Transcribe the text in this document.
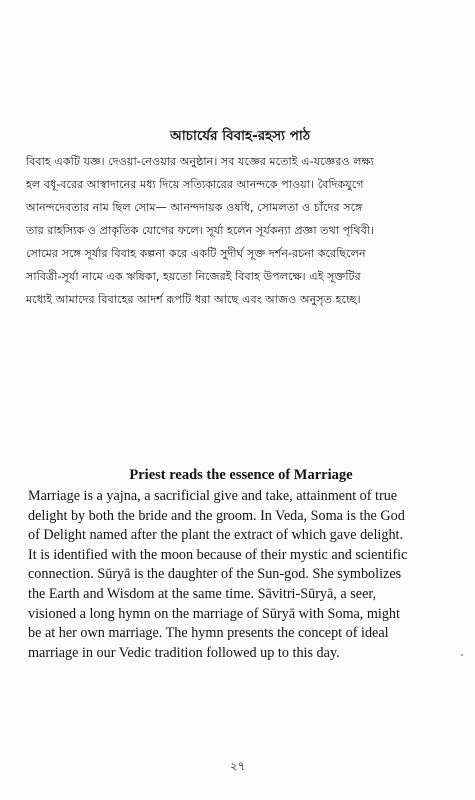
আচার্যের বিবাহ-রহস্য পাঠ
বিবাহ একটি যজ্ঞ। দেওয়া-নেওয়ার অনুষ্ঠান। সব যজ্ঞের মতোই এ-যজ্ঞেরও লক্ষ্য
হল বধূ-বরের আস্বাদানের মধ্য দিয়ে সত্যিকারের আনন্দকে পাওয়া। বৈদিকযুগে
আনন্দদেবতার নাম ছিল সোম— আনন্দদায়ক ওষধি, সোমলতা ও চাঁদের সঙ্গে
তার রাহস্যিক ও প্রাকৃতিক যোগের ফলে। সূর্যা হলেন সূর্যকন্যা প্রজ্ঞা তথা পৃথিবী।
সোমের সঙ্গে সূর্যার বিবাহ কল্পনা করে একটি সুদীর্ঘ সূক্ত দর্শন-রচনা করেছিলেন
সাবিত্রী-সূর্যা নামে এক ঋষিকা, হয়তো নিজেরই বিবাহ উপলক্ষে। এই সূক্তটির
মধ্যেই আমাদের বিবাহের আদর্শ রূপটি ধরা আছে এবং আজও অনুসৃত হচ্ছে।
Priest reads the essence of Marriage
Marriage is a yajna, a sacrificial give and take, attainment of true
delight by both the bride and the groom. In Veda, Soma is the God
of Delight named after the plant the extract of which gave delight.
It is identified with the moon because of their mystic and scientific
connection. Sūryā is the daughter of the Sun-god. She symbolizes
the Earth and Wisdom at the same time. Sāvitri-Sūryā, a seer,
visioned a long hymn on the marriage of Sūryā with Soma, might
be at her own marriage. The hymn presents the concept of ideal
marriage in our Vedic tradition followed up to this day.
২৭
